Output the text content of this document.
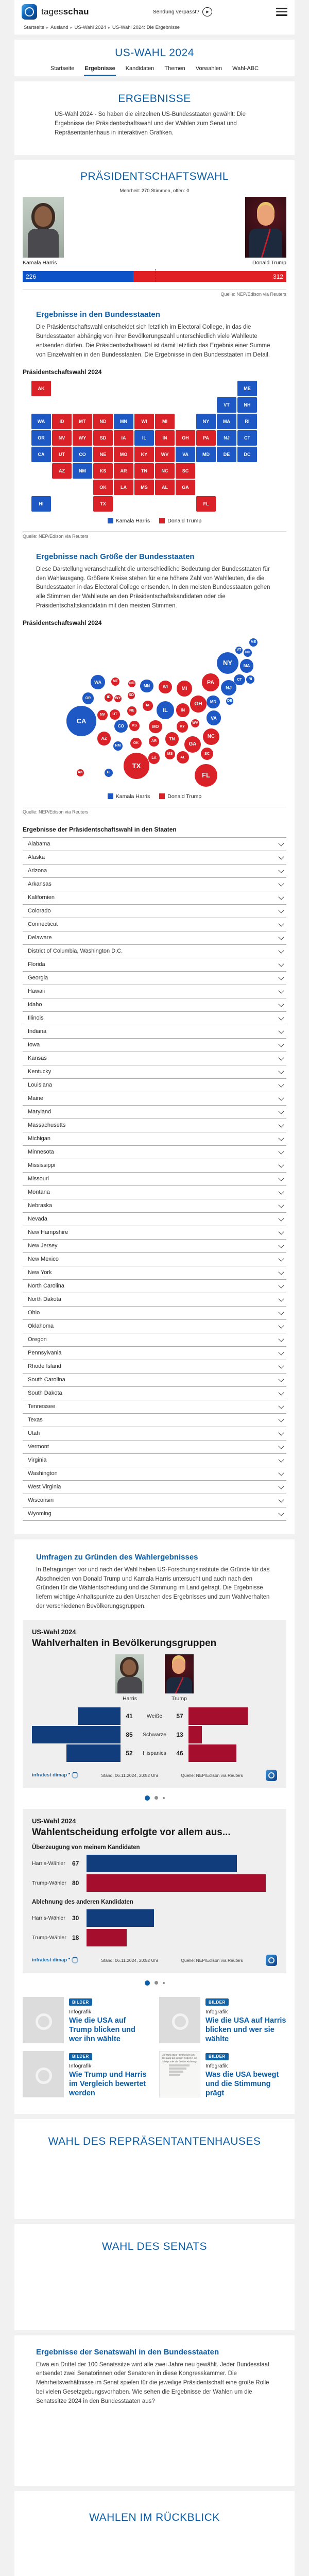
tagesschau	Sendung verpasst?	▶
Startseite ▸ Ausland ▸ US-Wahl 2024 ▸ US-Wahl 2024: Die Ergebnisse
US-WAHL 2024
Startseite Ergebnisse Kandidaten Themen Vorwahlen Wahl-ABC
ERGEBNISSE

US-Wahl 2024 - So haben die einzelnen US-Bundesstaaten gewählt: Die Ergebnisse der Präsidentschaftswahl und der Wahlen zum Senat und Repräsentantenhaus in interaktiven Grafiken.

PRÄSIDENTSCHAFTSWAHL
Mehrheit: 270 Stimmen, offen: 0
Kamala Harris	Donald Trump
226	312
Quelle: NEP/Edison via Reuters
Ergebnisse in den Bundesstaaten

Die Präsidentschaftswahl entscheidet sich letztlich im Electoral College, in das die Bundesstaaten abhängig von ihrer Bevölkerungszahl unterschiedlich viele Wahlleute entsenden dürfen. Die Präsidentschaftswahl ist damit letztlich das Ergebnis einer Summe von Einzelwahlen in den Bundesstaaten. Die Ergebnisse in den Bundesstaaten im Detail.

Präsidentschaftswahl 2024
AK	ME
VT	NH
WA	ID	MT	ND	MN	WI	MI	NY	MA	RI
OR	NV	WY	SD	IA	IL	IN	OH	PA	NJ	CT
CA	UT	CO	NE	MO	KY	WV	VA	MD	DE	DC
AZ	NM	KS	AR	TN	NC	SC
OK	LA	MS	AL	GA
HI	TX	FL
Kamala Harris	Donald Trump
Quelle: NEP/Edison via Reuters
Ergebnisse nach Größe der Bundesstaaten

Diese Darstellung veranschaulicht die unterschiedliche Bedeutung der Bundesstaaten für den Wahlausgang. Größere Kreise stehen für eine höhere Zahl von Wahlleuten, die die Bundesstaaten in das Electoral College entsenden. In den meisten Bundesstaaten gehen alle Stimmen der Wahlleute an den Präsidentschaftskandidaten oder die Präsidentschaftskandidatin mit den meisten Stimmen.

Präsidentschaftswahl 2024
AK
ME
VT
NH
WA
ID
MT
ND
MN	WI	MI
NY	MA
RI
OR
NV
WY
SD
IA
IL	IN
OH
PA
NJ
CT
CA
UT
CO
NE
MO	KY
WV
VA
MD	DE
AZ
NM
KS
AR	TN	NC
SC
OK
LA
MS
AL
GA
HI
TX
FL
Kamala Harris	Donald Trump
Quelle: NEP/Edison via Reuters
Ergebnisse der Präsidentschaftswahl in den Staaten
Alabama
Alaska
Arizona
Arkansas
Kalifornien
Colorado
Connecticut
Delaware
District of Columbia, Washington D.C.
Florida
Georgia
Hawaii
Idaho
Illinois
Indiana
Iowa
Kansas
Kentucky
Louisiana
Maine
Maryland
Massachusetts
Michigan
Minnesota
Mississippi
Missouri
Montana
Nebraska
Nevada
New Hampshire
New Jersey
New Mexico
New York
North Carolina
North Dakota
Ohio
Oklahoma
Oregon
Pennsylvania
Rhode Island
South Carolina
South Dakota
Tennessee
Texas
Utah
Vermont
Virginia
Washington
West Virginia
Wisconsin
Wyoming
Umfragen zu Gründen des Wahlergebnisses

In Befragungen vor und nach der Wahl haben US-Forschungsinstitute die Gründe für das Abschneiden von Donald Trump und Kamala Harris untersucht und auch nach den Gründen für die Wahlentscheidung und die Stimmung im Land gefragt. Die Ergebnisse liefern wichtige Anhaltspunkte zu den Ursachen des Ergebnisses und zum Wahlverhalten der verschiedenen Bevölkerungsgruppen.

US-Wahl 2024
Wahlverhalten in Bevölkerungsgruppen
Harris	Trump
41	Weiße	57
85	Schwarze	13
52	Hispanics	46
infratest dimap	Stand: 06.11.2024, 20:52 Uhr	Quelle: NEP/Edison via Reuters
US-Wahl 2024
Wahlentscheidung erfolgte vor allem aus...
Überzeugung von meinem Kandidaten
Harris-Wähler	67
Trump-Wähler 80
Ablehnung des anderen Kandidaten
Harris-Wähler	30
Trump-Wähler 18
infratest dimap	Stand: 06.11.2024, 20:52 Uhr	Quelle: NEP/Edison via Reuters
BILDER
Infografik
Wie die USA auf Trump blicken und wer ihn wählte
BILDER
Infografik
Wie die USA auf Harris blicken und wer sie wählte
BILDER
Infografik
Wie Trump und Harris im Vergleich bewertet werden
US-Wahl 2024 – Entwickelt sich das Land auf diesem Gebiet in die richtige oder die falsche Richtung?
BILDER
Infografik
Was die USA bewegt und die Stimmung prägt
WAHL DES REPRÄSENTANTENHAUSES
WAHL DES SENATS
Ergebnisse der Senatswahl in den Bundesstaaten

Etwa ein Drittel der 100 Senatssitze wird alle zwei Jahre neu gewählt. Jeder Bundesstaat entsendet zwei Senatorinnen oder Senatoren in diese Kongresskammer. Die Mehrheitsverhältnisse im Senat spielen für die jeweilige Präsidentschaft eine große Rolle bei vielen Gesetzgebungsvorhaben. Wie sehen die Ergebnisse der Wahlen um die Senatssitze 2024 in den Bundesstaaten aus?

WAHLEN IM RÜCKBLICK
